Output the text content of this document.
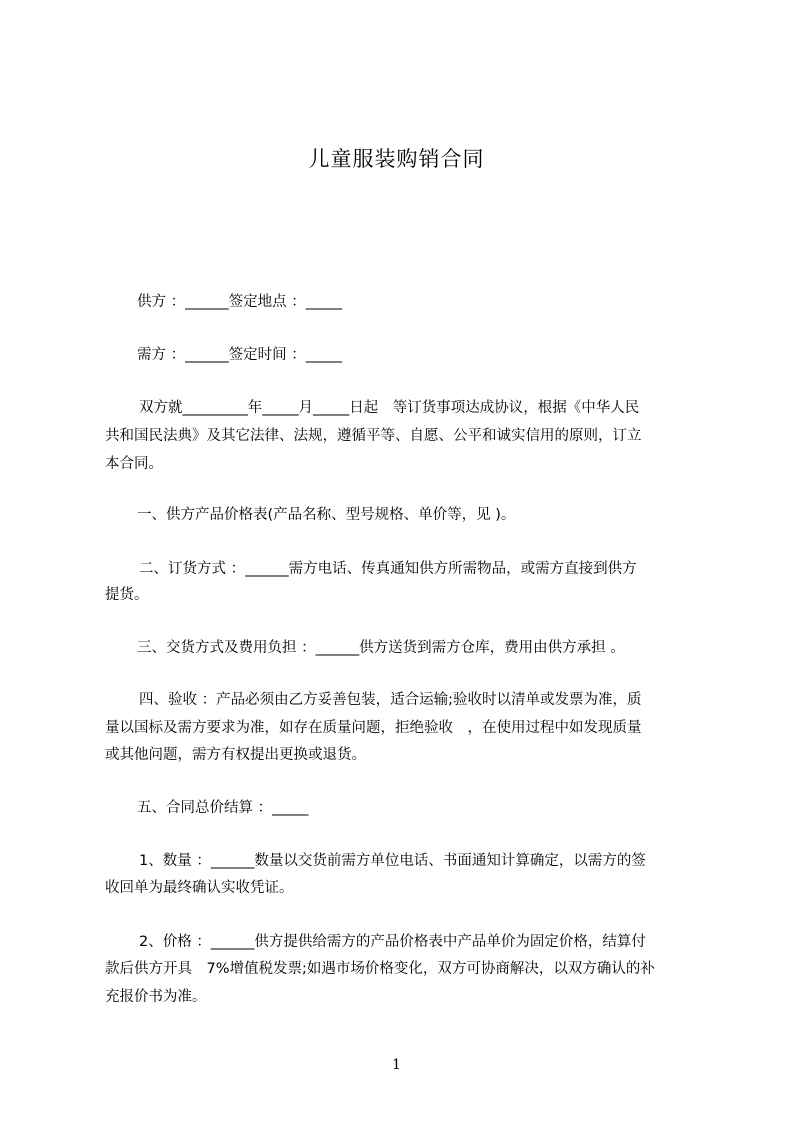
儿童服装购销合同
供方 ：______签定地点 ：_____
需方 ：______签定时间 ：_____
双方就_________年_____月_____日起　等订货事项达成协议，根据《中华人民
共和国民法典》及其它法律、法规，遵循平等、自愿、公平和诚实信用的原则，订立
本合同。
一、供方产品价格表(产品名称、型号规格、单价等，见 )。
二、订货方式 ：______需方电话、传真通知供方所需物品，或需方直接到供方
提货。
三、交货方式及费用负担 ：______供方送货到需方仓库，费用由供方承担 。
四、验收 ：产品必须由乙方妥善包装，适合运输;验收时以清单或发票为准，质
量以国标及需方要求为准，如存在质量问题，拒绝验收　，在使用过程中如发现质量
或其他问题，需方有权提出更换或退货。
五、合同总价结算 ：_____
1、数量 ：______数量以交货前需方单位电话、书面通知计算确定，以需方的签
收回单为最终确认实收凭证。
2、价格 ：______供方提供给需方的产品价格表中产品单价为固定价格，结算付
款后供方开具　7%增值税发票;如遇市场价格变化，双方可协商解决，以双方确认的补
充报价书为准。
1
